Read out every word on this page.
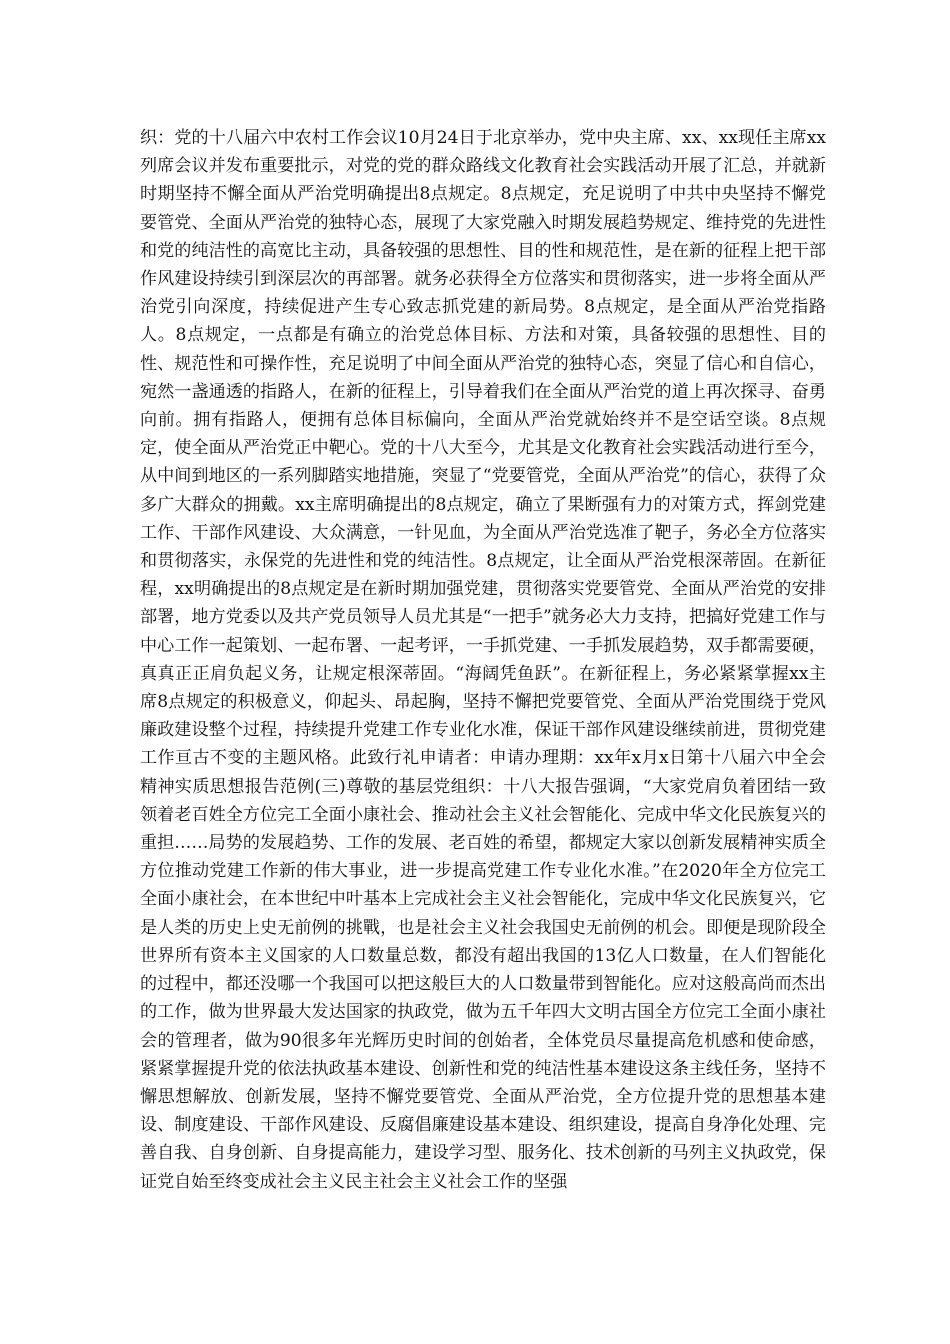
织：党的十八届六中农村工作会议10月24日于北京举办，党中央主席、xx、xx现任主席xx列席会议并发布重要批示，对党的党的群众路线文化教育社会实践活动开展了汇总，并就新时期坚持不懈全面从严治党明确提出8点规定。8点规定，充足说明了中共中央坚持不懈党要管党、全面从严治党的独特心态，展现了大家党融入时期发展趋势规定、维持党的先进性和党的纯洁性的高宽比主动，具备较强的思想性、目的性和规范性，是在新的征程上把干部作风建设持续引到深层次的再部署。就务必获得全方位落实和贯彻落实，进一步将全面从严治党引向深度，持续促进产生专心致志抓党建的新局势。8点规定，是全面从严治党指路人。8点规定，一点都是有确立的治党总体目标、方法和对策，具备较强的思想性、目的性、规范性和可操作性，充足说明了中间全面从严治党的独特心态，突显了信心和自信心，宛然一盏通透的指路人，在新的征程上，引导着我们在全面从严治党的道上再次探寻、奋勇向前。拥有指路人，便拥有总体目标偏向，全面从严治党就始终并不是空话空谈。8点规定，使全面从严治党正中靶心。党的十八大至今，尤其是文化教育社会实践活动进行至今，从中间到地区的一系列脚踏实地措施，突显了“党要管党，全面从严治党”的信心，获得了众多广大群众的拥戴。xx主席明确提出的8点规定，确立了果断强有力的对策方式，挥剑党建工作、干部作风建设、大众满意，一针见血，为全面从严治党选准了靶子，务必全方位落实和贯彻落实，永保党的先进性和党的纯洁性。8点规定，让全面从严治党根深蒂固。在新征程，xx明确提出的8点规定是在新时期加强党建，贯彻落实党要管党、全面从严治党的安排部署，地方党委以及共产党员领导人员尤其是“一把手”就务必大力支持，把搞好党建工作与中心工作一起策划、一起布署、一起考评，一手抓党建、一手抓发展趋势，双手都需要硬，真真正正肩负起义务，让规定根深蒂固。“海阔凭鱼跃”。在新征程上，务必紧紧掌握xx主席8点规定的积极意义，仰起头、昂起胸，坚持不懈把党要管党、全面从严治党围绕于党风廉政建设整个过程，持续提升党建工作专业化水准，保证干部作风建设继续前进，贯彻党建工作亘古不变的主题风格。此致行礼申请者：申请办理期：xx年x月x日第十八届六中全会精神实质思想报告范例(三)尊敬的基层党组织：十八大报告强调，“大家党肩负着团结一致领着老百姓全方位完工全面小康社会、推动社会主义社会智能化、完成中华文化民族复兴的重担……局势的发展趋势、工作的发展、老百姓的希望，都规定大家以创新发展精神实质全方位推动党建工作新的伟大事业，进一步提高党建工作专业化水准。”在2020年全方位完工全面小康社会，在本世纪中叶基本上完成社会主义社会智能化，完成中华文化民族复兴，它是人类的历史上史无前例的挑戰，也是社会主义社会我国史无前例的机会。即便是现阶段全世界所有资本主义国家的人口数量总数，都没有超出我国的13亿人口数量，在人们智能化的过程中，都还没哪一个我国可以把这般巨大的人口数量带到智能化。应对这般高尚而杰出的工作，做为世界最大发达国家的执政党，做为五千年四大文明古国全方位完工全面小康社会的管理者，做为90很多年光辉历史时间的创始者，全体党员尽量提高危机感和使命感，紧紧掌握提升党的依法执政基本建设、创新性和党的纯洁性基本建设这条主线任务，坚持不懈思想解放、创新发展，坚持不懈党要管党、全面从严治党，全方位提升党的思想基本建设、制度建设、干部作风建设、反腐倡廉建设基本建设、组织建设，提高自身净化处理、完善自我、自身创新、自身提高能力，建设学习型、服务化、技术创新的马列主义执政党，保证党自始至终变成社会主义民主社会主义社会工作的坚强
